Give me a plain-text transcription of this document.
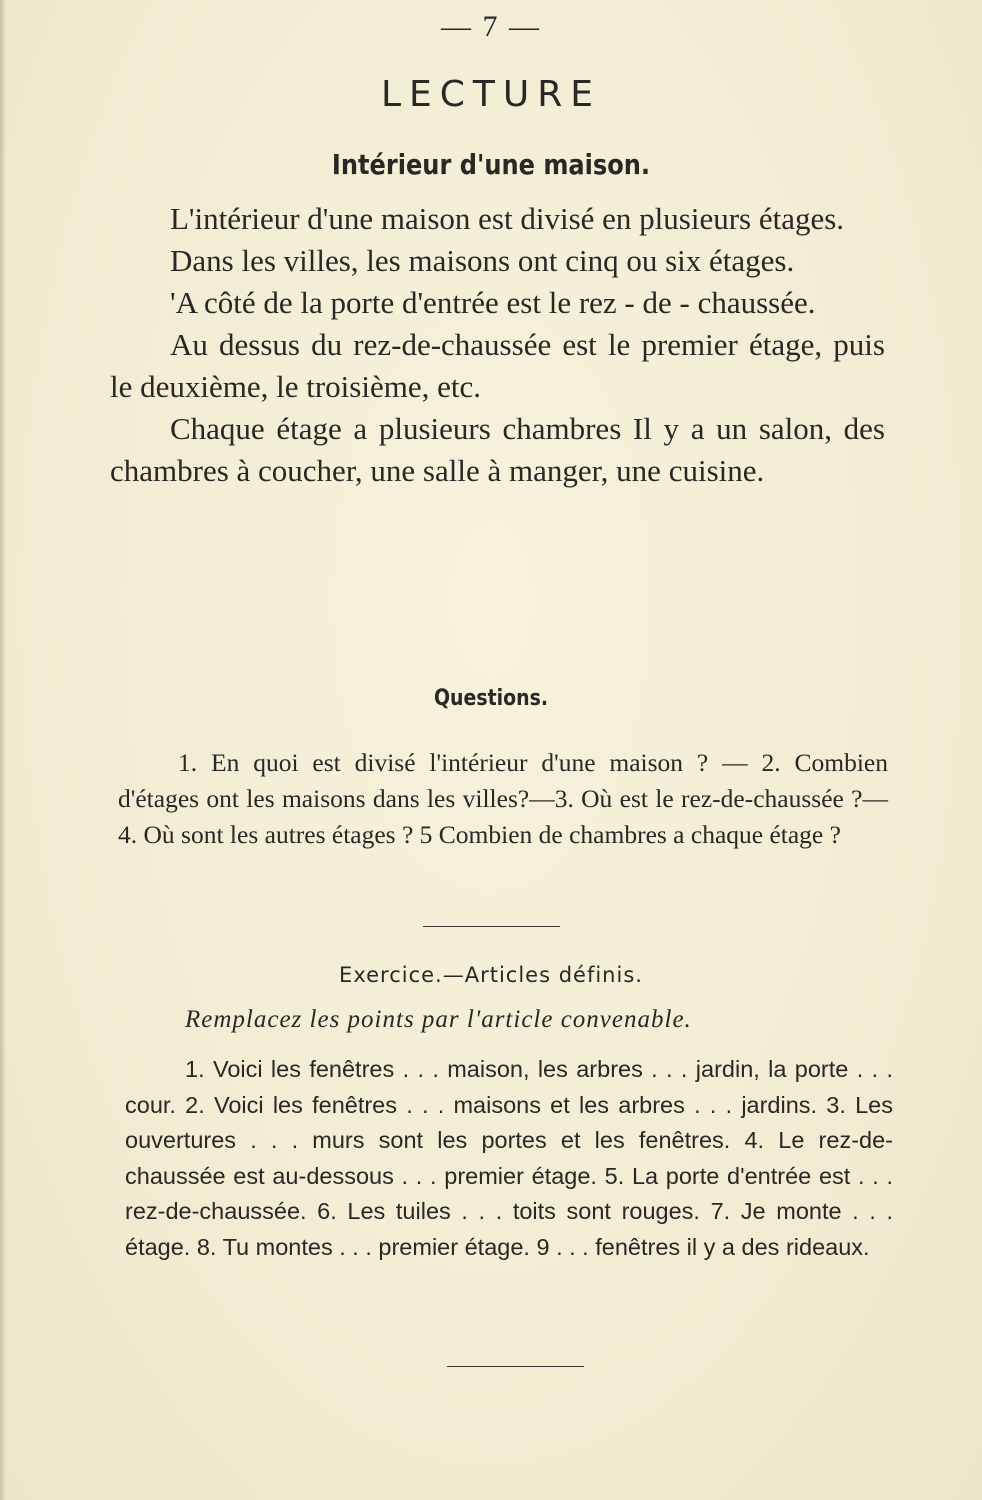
— 7 —
LECTURE
Intérieur d'une maison.

L'intérieur d'une maison est divisé en plusieurs étages.

Dans les villes, les maisons ont cinq ou six étages.

'A côté de la porte d'entrée est le rez - de - chaussée.

Au dessus du rez-de-chaussée est le premier étage, puis le deuxième, le troisième, etc.

Chaque étage a plusieurs chambres Il y a un salon, des chambres à coucher, une salle à manger, une cuisine.

Questions.

1. En quoi est divisé l'intérieur d'une maison ? — 2. Combien d'étages ont les maisons dans les villes?—3. Où est le rez-de-chaussée ?— 4. Où sont les autres étages ? 5 Combien de chambres a chaque étage ?

Exercice.—Articles définis.
Remplacez les points par l'article convenable.

1. Voici les fenêtres . . . maison, les arbres . . . jardin, la porte . . . cour. 2. Voici les fenêtres . . . maisons et les arbres . . . jardins. 3. Les ouvertures . . . murs sont les portes et les fenêtres. 4. Le rez-de-chaussée est au-dessous . . . premier étage. 5. La porte d'entrée est . . . rez-de-chaussée. 6. Les tuiles . . . toits sont rouges. 7. Je monte . . . étage. 8. Tu montes . . . premier étage. 9 . . . fenêtres il y a des rideaux.
